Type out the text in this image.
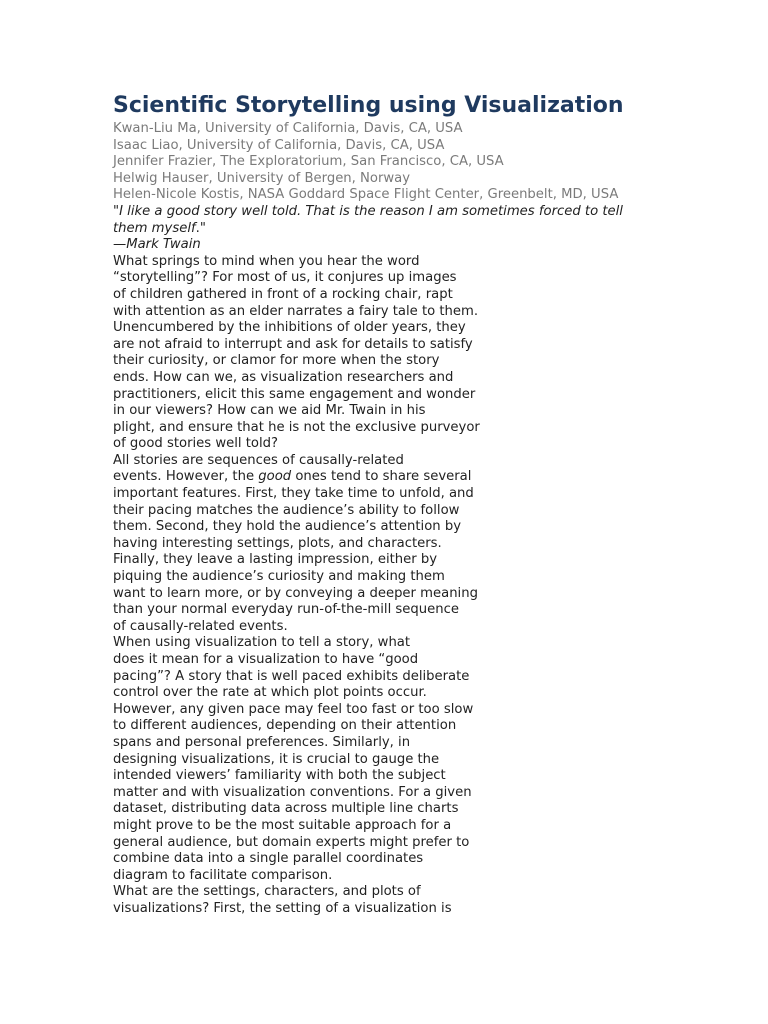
Scientific Storytelling using Visualization
Kwan-Liu Ma, University of California, Davis, CA, USA
Isaac Liao, University of California, Davis, CA, USA
Jennifer Frazier, The Exploratorium, San Francisco, CA, USA
Helwig Hauser, University of Bergen, Norway
Helen-Nicole Kostis, NASA Goddard Space Flight Center, Greenbelt, MD, USA
"I like a good story well told. That is the reason I am sometimes forced to tell
them myself."
—Mark Twain
What springs to mind when you hear the word
“storytelling”? For most of us, it conjures up images
of children gathered in front of a rocking chair, rapt
with attention as an elder narrates a fairy tale to them.
Unencumbered by the inhibitions of older years, they
are not afraid to interrupt and ask for details to satisfy
their curiosity, or clamor for more when the story
ends. How can we, as visualization researchers and
practitioners, elicit this same engagement and wonder
in our viewers? How can we aid Mr. Twain in his
plight, and ensure that he is not the exclusive purveyor
of good stories well told?
All stories are sequences of causally-related
events. However, the good ones tend to share several
important features. First, they take time to unfold, and
their pacing matches the audience’s ability to follow
them. Second, they hold the audience’s attention by
having interesting settings, plots, and characters.
Finally, they leave a lasting impression, either by
piquing the audience’s curiosity and making them
want to learn more, or by conveying a deeper meaning
than your normal everyday run-of-the-mill sequence
of causally-related events.
When using visualization to tell a story, what
does it mean for a visualization to have “good
pacing”? A story that is well paced exhibits deliberate
control over the rate at which plot points occur.
However, any given pace may feel too fast or too slow
to different audiences, depending on their attention
spans and personal preferences. Similarly, in
designing visualizations, it is crucial to gauge the
intended viewers’ familiarity with both the subject
matter and with visualization conventions. For a given
dataset, distributing data across multiple line charts
might prove to be the most suitable approach for a
general audience, but domain experts might prefer to
combine data into a single parallel coordinates
diagram to facilitate comparison.
What are the settings, characters, and plots of
visualizations? First, the setting of a visualization is
